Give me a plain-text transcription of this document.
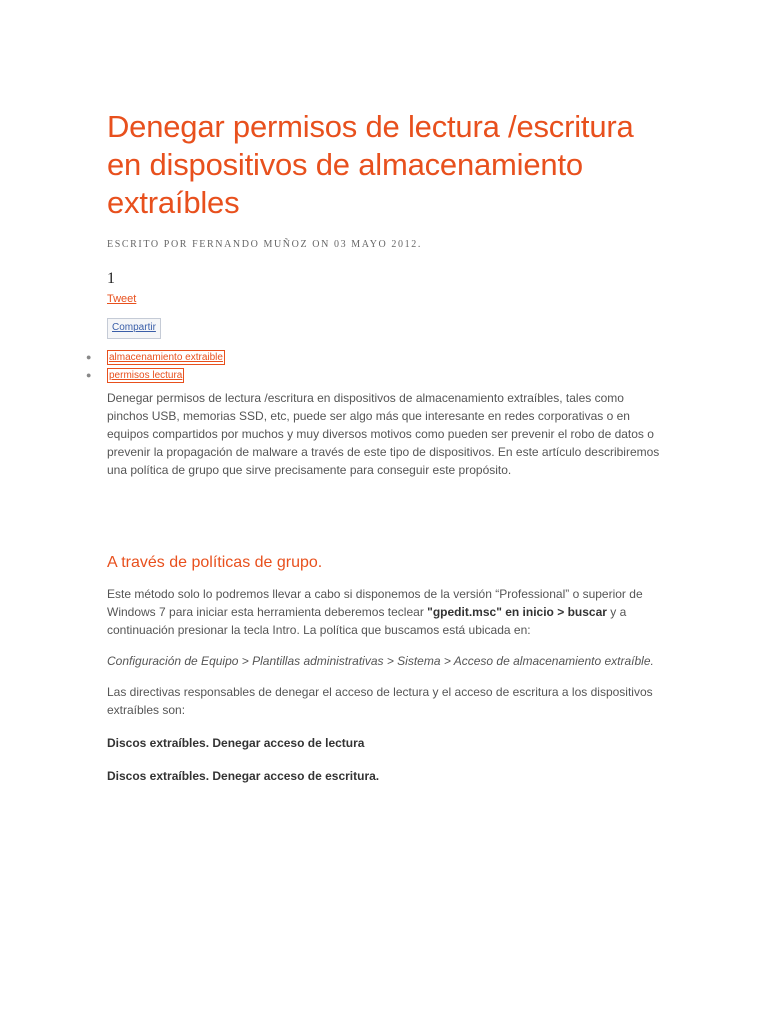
Denegar permisos de lectura /escritura en dispositivos de almacenamiento extraíbles
ESCRITO POR FERNANDO MUÑOZ ON 03 MAYO 2012.
1
Tweet
Compartir
● almacenamiento extraible
● permisos lectura

Denegar permisos de lectura /escritura en dispositivos de almacenamiento extraíbles, tales como pinchos USB, memorias SSD, etc, puede ser algo más que interesante en redes corporativas o en equipos compartidos por muchos y muy diversos motivos como pueden ser prevenir el robo de datos o prevenir la propagación de malware a través de este tipo de dispositivos. En este artículo describiremos una política de grupo que sirve precisamente para conseguir este propósito.

A través de políticas de grupo.

Este método solo lo podremos llevar a cabo si disponemos de la versión “Professional” o superior de Windows 7 para iniciar esta herramienta deberemos teclear "gpedit.msc" en inicio > buscar y a continuación presionar la tecla Intro. La política que buscamos está ubicada en:

Configuración de Equipo > Plantillas administrativas > Sistema > Acceso de almacenamiento extraíble.

Las directivas responsables de denegar el acceso de lectura y el acceso de escritura a los dispositivos extraíbles son:

Discos extraíbles. Denegar acceso de lectura

Discos extraíbles. Denegar acceso de escritura.
